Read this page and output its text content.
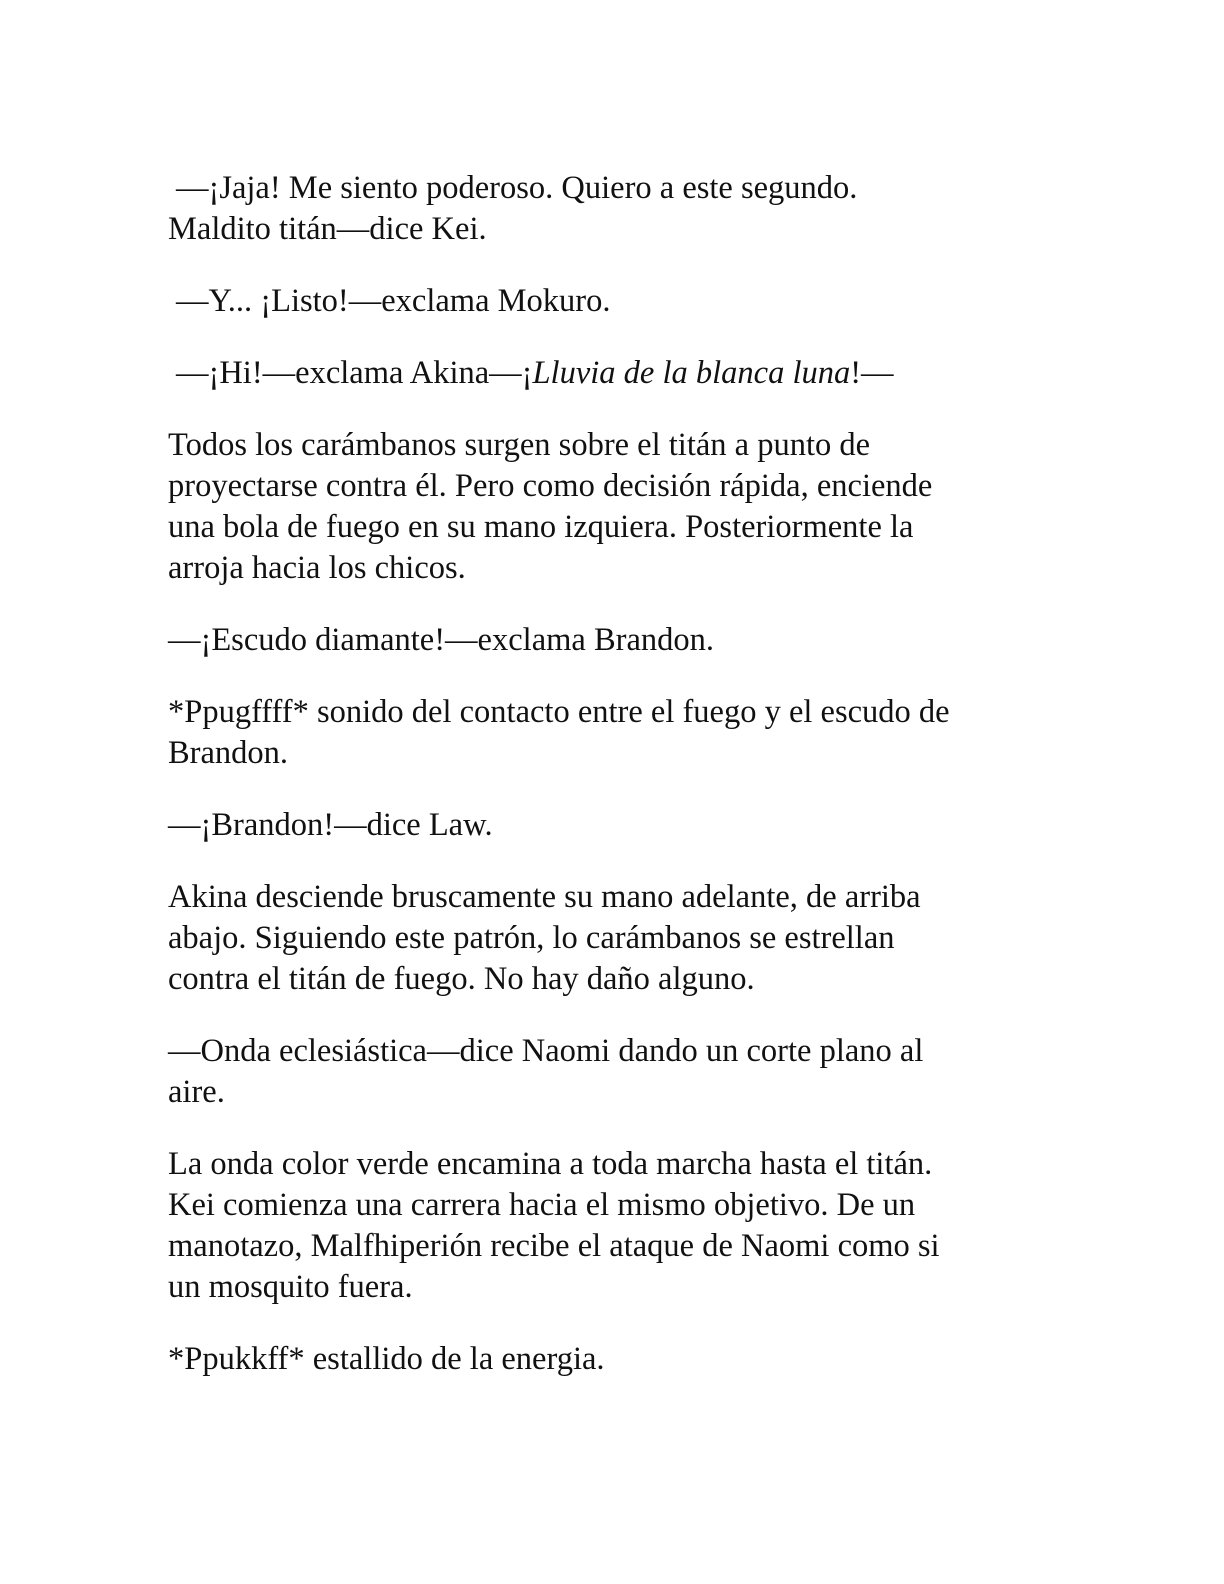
—¡Jaja! Me siento poderoso. Quiero a este segundo.
Maldito titán—dice Kei.

—Y... ¡Listo!—exclama Mokuro.

—¡Hi!—exclama Akina—¡Lluvia de la blanca luna!—

Todos los carámbanos surgen sobre el titán a punto de
proyectarse contra él. Pero como decisión rápida, enciende
una bola de fuego en su mano izquiera. Posteriormente la
arroja hacia los chicos.

—¡Escudo diamante!—exclama Brandon.

*Ppugffff* sonido del contacto entre el fuego y el escudo de
Brandon.

—¡Brandon!—dice Law.

Akina desciende bruscamente su mano adelante, de arriba
abajo. Siguiendo este patrón, lo carámbanos se estrellan
contra el titán de fuego. No hay daño alguno.

—Onda eclesiástica—dice Naomi dando un corte plano al
aire.

La onda color verde encamina a toda marcha hasta el titán.
Kei comienza una carrera hacia el mismo objetivo. De un
manotazo, Malfhiperión recibe el ataque de Naomi como si
un mosquito fuera.

*Ppukkff* estallido de la energia.
